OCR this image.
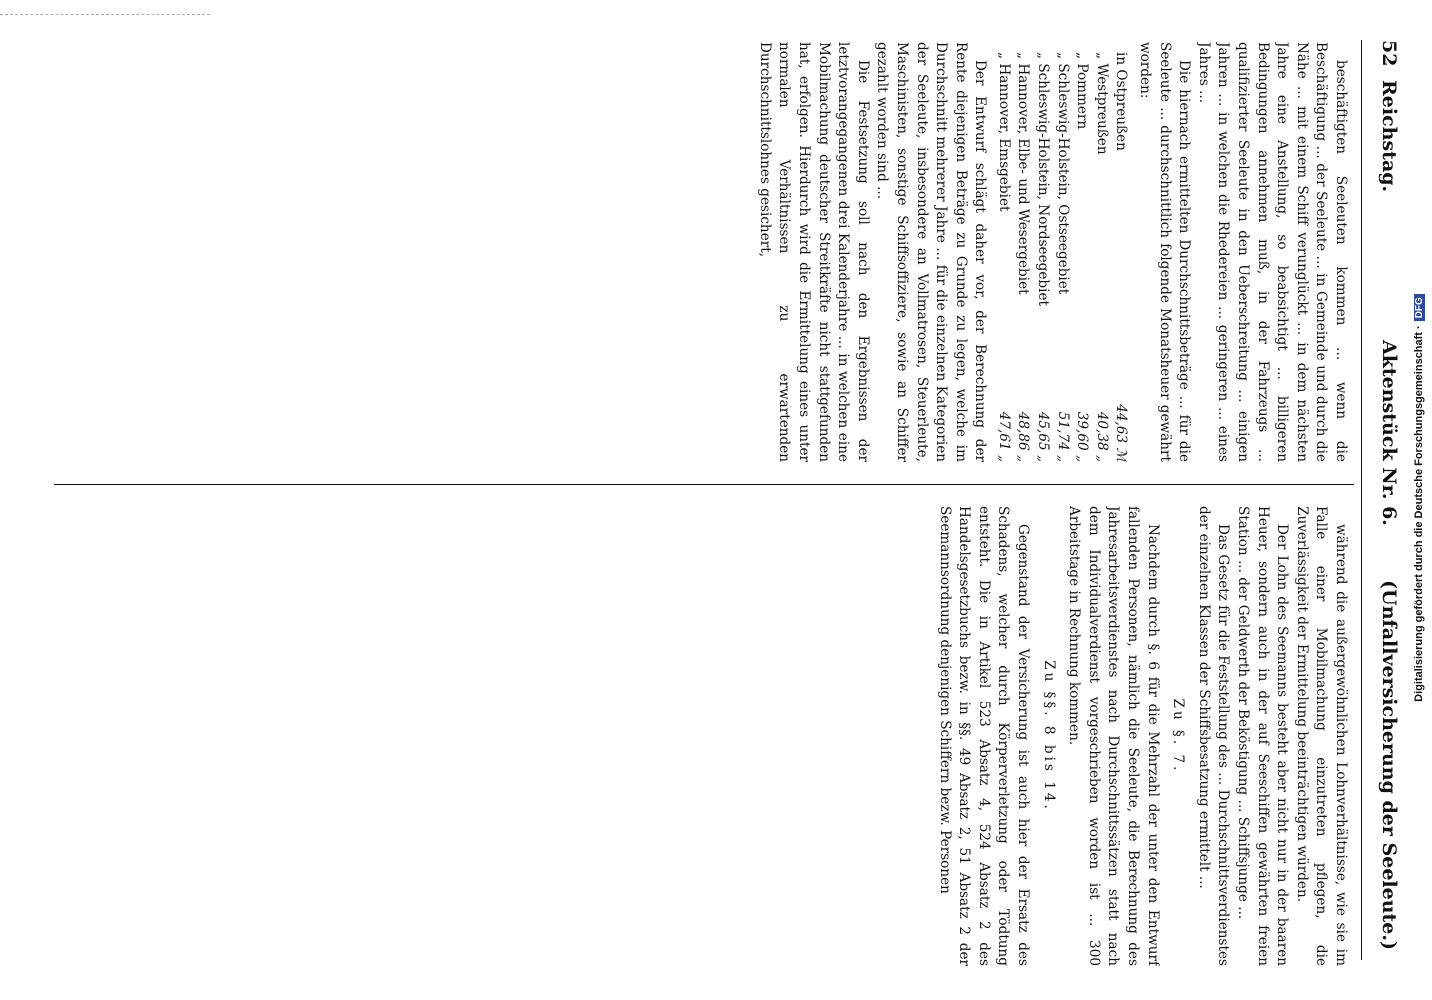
52
Reichstag.
Aktenstück Nr. 6.
(Unfallversicherung der Seeleute.)

beschäftigten Seeleuten kommen ... wenn die Beschäftigung ... der Seeleute ... in Gemeinde und durch die Nähe ... mit einem Schiff verunglückt ... in dem nächsten Jahre eine Anstellung, so beabsichtigt ... billigeren Bedingungen annehmen muß, in der Fahrzeugs ... qualifizierter Seeleute in den Ueberschreitung ... einigen Jahren ... in welchen die Rhedereien ... geringeren ... eines Jahres ...

Die hiernach ermittelten Durchschnittsbeträge ... für die Seeleute ... durchschnittlich folgende Monatsheuer gewährt worden:

in Ostpreußen
44,63 ℳ
„ Westpreußen
40,38 „
„ Pommern
39,60 „
„ Schleswig-Holstein, Ostseegebiet
51,74 „
„ Schleswig-Holstein, Nordseegebiet
45,65 „
„ Hannover, Elbe- und Wesergebiet
48,86 „
„ Hannover, Emsgebiet
47,61 „

Der Entwurf schlägt daher vor, der Berechnung der Rente diejenigen Beträge zu Grunde zu legen, welche im Durchschnitt mehrerer Jahre ... für die einzelnen Kategorien der Seeleute, insbesondere an Vollmatrosen, Steuerleute, Maschinisten, sonstige Schiffsoffiziere, sowie an Schiffer gezahlt worden sind ...

Die Festsetzung soll nach den Ergebnissen der letztvorangegangenen drei Kalenderjahre ... in welchen eine Mobilmachung deutscher Streitkräfte nicht stattgefunden hat, erfolgen. Hierdurch wird die Ermittelung eines unter normalen Verhältnissen zu erwartenden Durchschnittslohnes gesichert,

während die außergewöhnlichen Lohnverhältnisse, wie sie im Falle einer Mobilmachung einzutreten pflegen, die Zuverlässigkeit der Ermittelung beeinträchtigen würden.

Der Lohn des Seemanns besteht aber nicht nur in der baaren Heuer, sondern auch in der auf Seeschiffen gewährten freien Station ... der Geldwerth der Beköstigung ... Schiffsjunge ...

Das Gesetz für die Feststellung des ... Durchschnittsverdienstes der einzelnen Klassen der Schiffsbesatzung ermittelt ...

Zu §. 7.

Nachdem durch §. 6 für die Mehrzahl der unter den Entwurf fallenden Personen, nämlich die Seeleute, die Berechnung des Jahresarbeitsverdienstes nach Durchschnittssätzen statt nach dem Individualverdienst vorgeschrieben worden ist ... 300 Arbeitstage in Rechnung kommen.

Zu §§. 8 bis 14.

Gegenstand der Versicherung ist auch hier der Ersatz des Schadens, welcher durch Körperverletzung oder Tödtung entsteht. Die in Artikel 523 Absatz 4, 524 Absatz 2 des Handelsgesetzbuchs bezw. in §§. 49 Absatz 2, 51 Absatz 2 der Seemannsordnung denjenigen Schiffern bezw. Personen	Digitalisierung gefördert durch die Deutsche Forschungsgemeinschaft ·DFG
